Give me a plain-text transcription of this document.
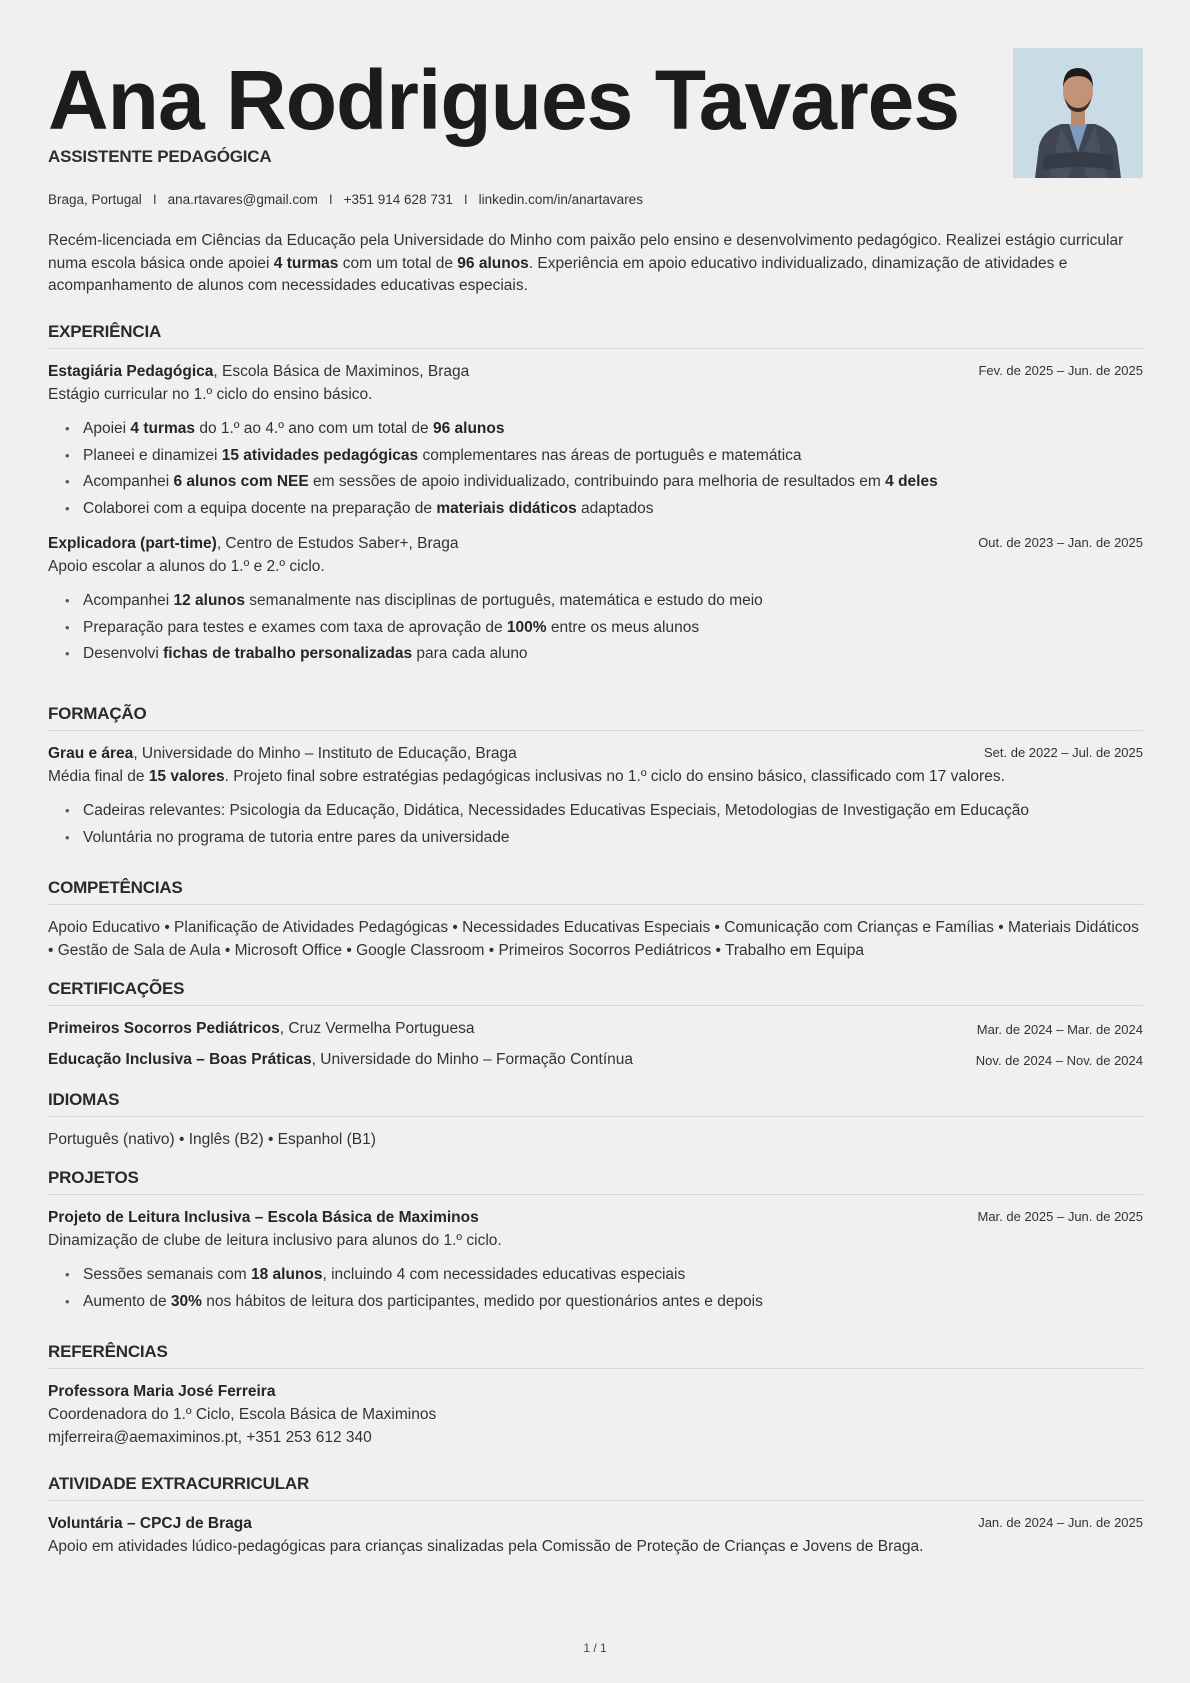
Ana Rodrigues Tavares
ASSISTENTE PEDAGÓGICA
Braga, Portugal I ana.rtavares@gmail.com I +351 914 628 731 I linkedin.com/in/anartavares

Recém-licenciada em Ciências da Educação pela Universidade do Minho com paixão pelo ensino e desenvolvimento pedagógico. Realizei estágio curricular numa escola básica onde apoiei 4 turmas com um total de 96 alunos. Experiência em apoio educativo individualizado, dinamização de atividades e acompanhamento de alunos com necessidades educativas especiais.

EXPERIÊNCIA
Estagiária Pedagógica, Escola Básica de Maximinos, Braga	Fev. de 2025 – Jun. de 2025
Estágio curricular no 1.º ciclo do ensino básico.
• Apoiei 4 turmas do 1.º ao 4.º ano com um total de 96 alunos
• Planeei e dinamizei 15 atividades pedagógicas complementares nas áreas de português e matemática
• Acompanhei 6 alunos com NEE em sessões de apoio individualizado, contribuindo para melhoria de resultados em 4 deles
• Colaborei com a equipa docente na preparação de materiais didáticos adaptados
Explicadora (part-time), Centro de Estudos Saber+, Braga	Out. de 2023 – Jan. de 2025
Apoio escolar a alunos do 1.º e 2.º ciclo.
• Acompanhei 12 alunos semanalmente nas disciplinas de português, matemática e estudo do meio
• Preparação para testes e exames com taxa de aprovação de 100% entre os meus alunos
• Desenvolvi fichas de trabalho personalizadas para cada aluno
FORMAÇÃO
Grau e área, Universidade do Minho – Instituto de Educação, Braga	Set. de 2022 – Jul. de 2025
Média final de 15 valores. Projeto final sobre estratégias pedagógicas inclusivas no 1.º ciclo do ensino básico, classificado com 17 valores.
• Cadeiras relevantes: Psicologia da Educação, Didática, Necessidades Educativas Especiais, Metodologias de Investigação em Educação
• Voluntária no programa de tutoria entre pares da universidade
COMPETÊNCIAS

Apoio Educativo • Planificação de Atividades Pedagógicas • Necessidades Educativas Especiais • Comunicação com Crianças e Famílias • Materiais Didáticos • Gestão de Sala de Aula • Microsoft Office • Google Classroom • Primeiros Socorros Pediátricos • Trabalho em Equipa

CERTIFICAÇÕES
Primeiros Socorros Pediátricos, Cruz Vermelha Portuguesa	Mar. de 2024 – Mar. de 2024
Educação Inclusiva – Boas Práticas, Universidade do Minho – Formação Contínua	Nov. de 2024 – Nov. de 2024
IDIOMAS

Português (nativo) • Inglês (B2) • Espanhol (B1)

PROJETOS
Projeto de Leitura Inclusiva – Escola Básica de Maximinos	Mar. de 2025 – Jun. de 2025
Dinamização de clube de leitura inclusivo para alunos do 1.º ciclo.
• Sessões semanais com 18 alunos, incluindo 4 com necessidades educativas especiais
• Aumento de 30% nos hábitos de leitura dos participantes, medido por questionários antes e depois
REFERÊNCIAS
Professora Maria José Ferreira
Coordenadora do 1.º Ciclo, Escola Básica de Maximinos
mjferreira@aemaximinos.pt, +351 253 612 340
ATIVIDADE EXTRACURRICULAR
Voluntária – CPCJ de Braga	Jan. de 2024 – Jun. de 2025
Apoio em atividades lúdico-pedagógicas para crianças sinalizadas pela Comissão de Proteção de Crianças e Jovens de Braga.
1 / 1
